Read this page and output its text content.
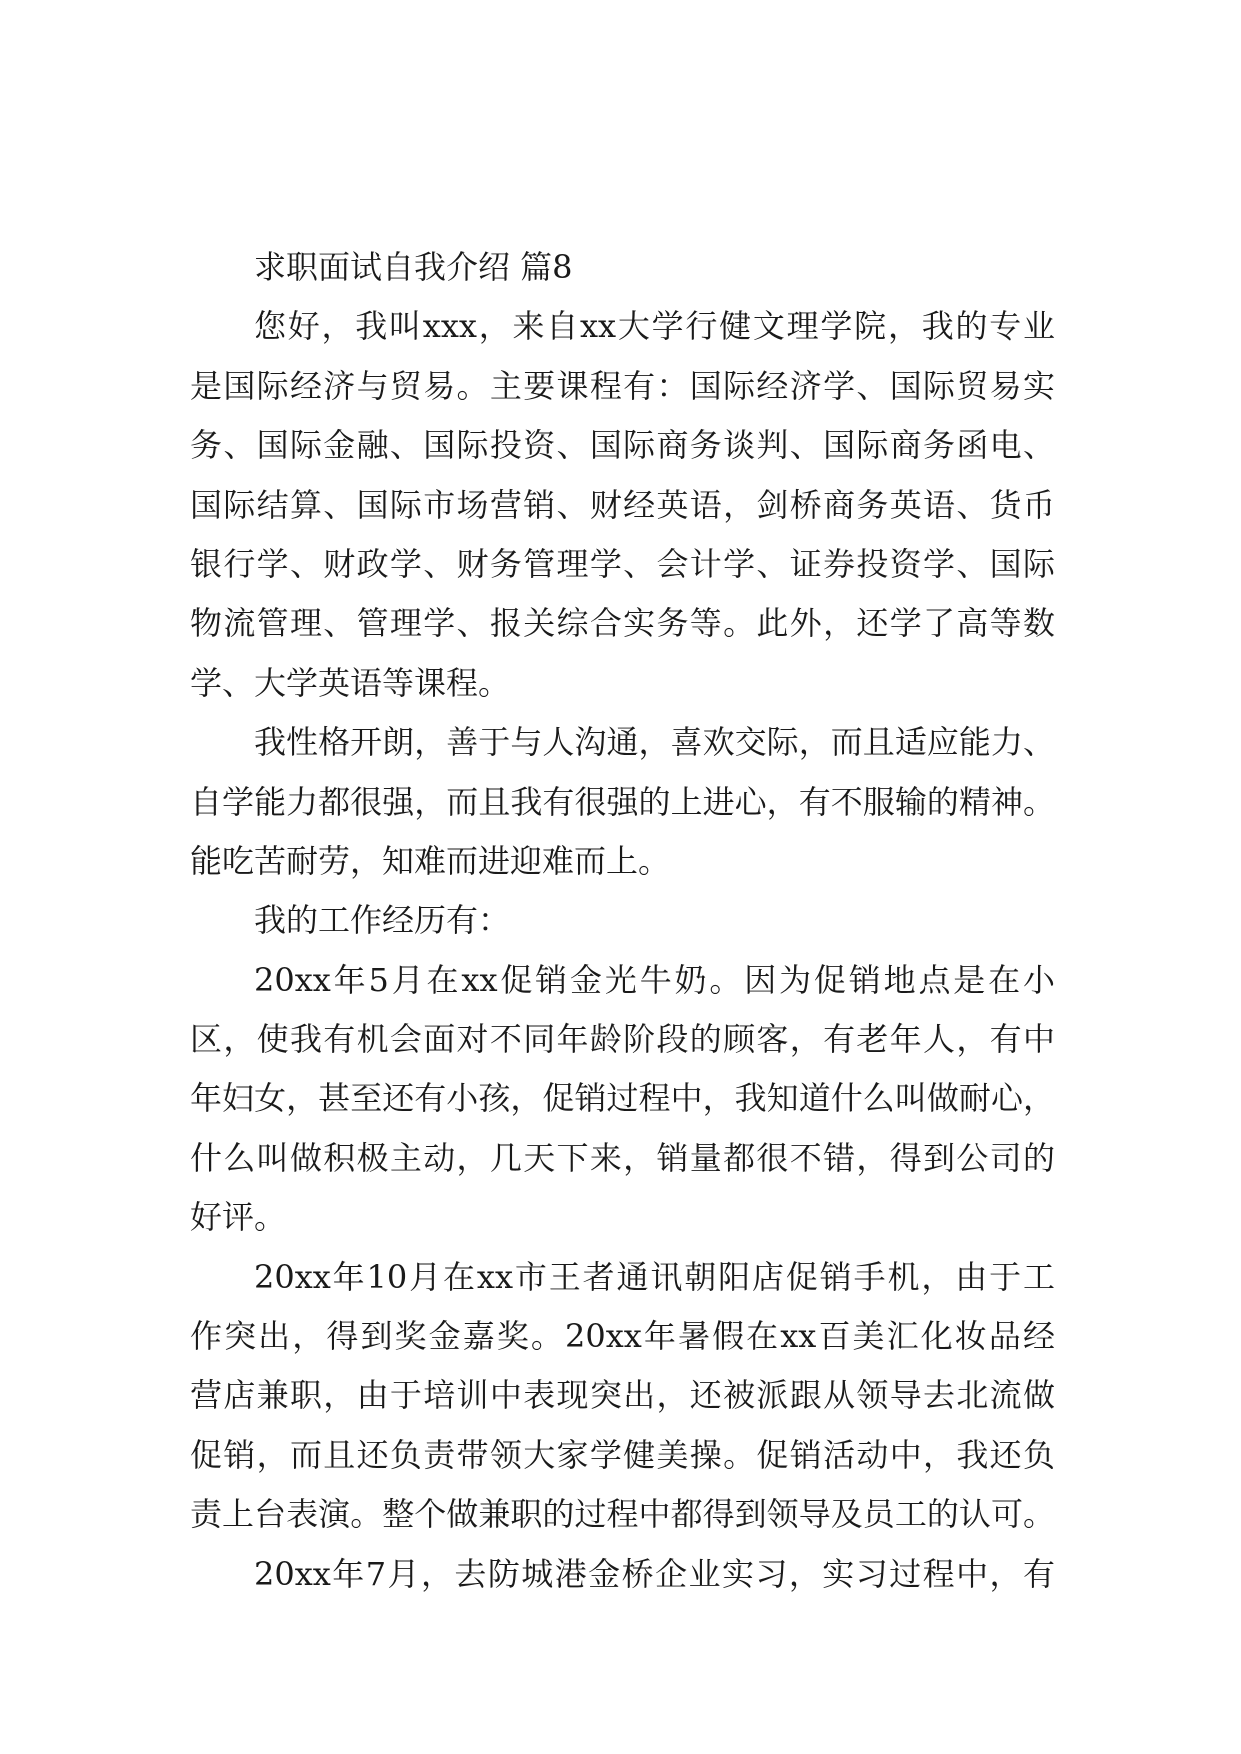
求职面试自我介绍 篇8
您好，我叫xxx，来自xx大学行健文理学院，我的专业
是国际经济与贸易。主要课程有：国际经济学、国际贸易实
务、国际金融、国际投资、国际商务谈判、国际商务函电、
国际结算、国际市场营销、财经英语，剑桥商务英语、货币
银行学、财政学、财务管理学、会计学、证券投资学、国际
物流管理、管理学、报关综合实务等。此外，还学了高等数
学、大学英语等课程。
我性格开朗，善于与人沟通，喜欢交际，而且适应能力、
自学能力都很强，而且我有很强的上进心，有不服输的精神。
能吃苦耐劳，知难而进迎难而上。
我的工作经历有：
20xx年5月在xx促销金光牛奶。因为促销地点是在小
区，使我有机会面对不同年龄阶段的顾客，有老年人，有中
年妇女，甚至还有小孩，促销过程中，我知道什么叫做耐心，
什么叫做积极主动，几天下来，销量都很不错，得到公司的
好评。
20xx年10月在xx市王者通讯朝阳店促销手机，由于工
作突出，得到奖金嘉奖。20xx年暑假在xx百美汇化妆品经
营店兼职，由于培训中表现突出，还被派跟从领导去北流做
促销，而且还负责带领大家学健美操。促销活动中，我还负
责上台表演。整个做兼职的过程中都得到领导及员工的认可。
20xx年7月，去防城港金桥企业实习，实习过程中，有
